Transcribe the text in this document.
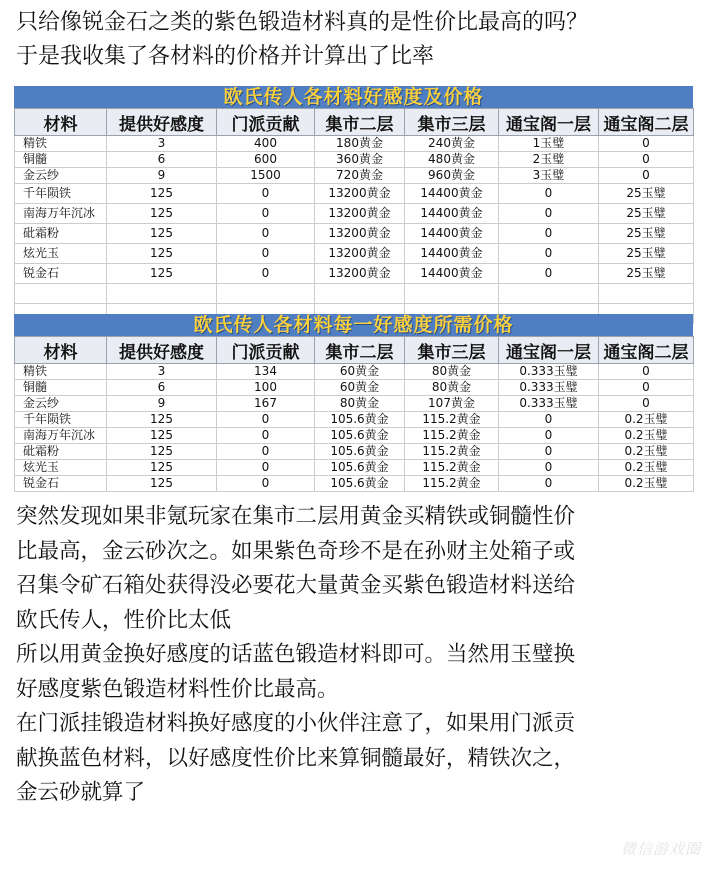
只给像锐金石之类的紫色锻造材料真的是性价比最高的吗？
于是我收集了各材料的价格并计算出了比率
欧氏传人各材料好感度及价格
材料	提供好感度	门派贡献	集市二层	集市三层	通宝阁一层	通宝阁二层
精铁	3	400	180黄金	240黄金	1玉璧	0
铜髓	6	600	360黄金	480黄金	2玉璧	0
金云纱	9	1500	720黄金	960黄金	3玉璧	0
千年陨铁	125	0	13200黄金	14400黄金	0	25玉璧
南海万年沉冰	125	0	13200黄金	14400黄金	0	25玉璧
砒霜粉	125	0	13200黄金	14400黄金	0	25玉璧
炫光玉	125	0	13200黄金	14400黄金	0	25玉璧
锐金石	125	0	13200黄金	14400黄金	0	25玉璧

欧氏传人各材料每一好感度所需价格
材料	提供好感度	门派贡献	集市二层	集市三层	通宝阁一层	通宝阁二层
精铁	3	134	60黄金	80黄金	0.333玉璧	0
铜髓	6	100	60黄金	80黄金	0.333玉璧	0
金云纱	9	167	80黄金	107黄金	0.333玉璧	0
千年陨铁	125	0	105.6黄金	115.2黄金	0	0.2玉璧
南海万年沉冰	125	0	105.6黄金	115.2黄金	0	0.2玉璧
砒霜粉	125	0	105.6黄金	115.2黄金	0	0.2玉璧
炫光玉	125	0	105.6黄金	115.2黄金	0	0.2玉璧
锐金石	125	0	105.6黄金	115.2黄金	0	0.2玉璧
突然发现如果非氪玩家在集市二层用黄金买精铁或铜髓性价
比最高，金云砂次之。如果紫色奇珍不是在孙财主处箱子或
召集令矿石箱处获得没必要花大量黄金买紫色锻造材料送给
欧氏传人，性价比太低
所以用黄金换好感度的话蓝色锻造材料即可。当然用玉璧换
好感度紫色锻造材料性价比最高。
在门派挂锻造材料换好感度的小伙伴注意了，如果用门派贡
献换蓝色材料，以好感度性价比来算铜髓最好，精铁次之，
金云砂就算了
微信游戏圈
